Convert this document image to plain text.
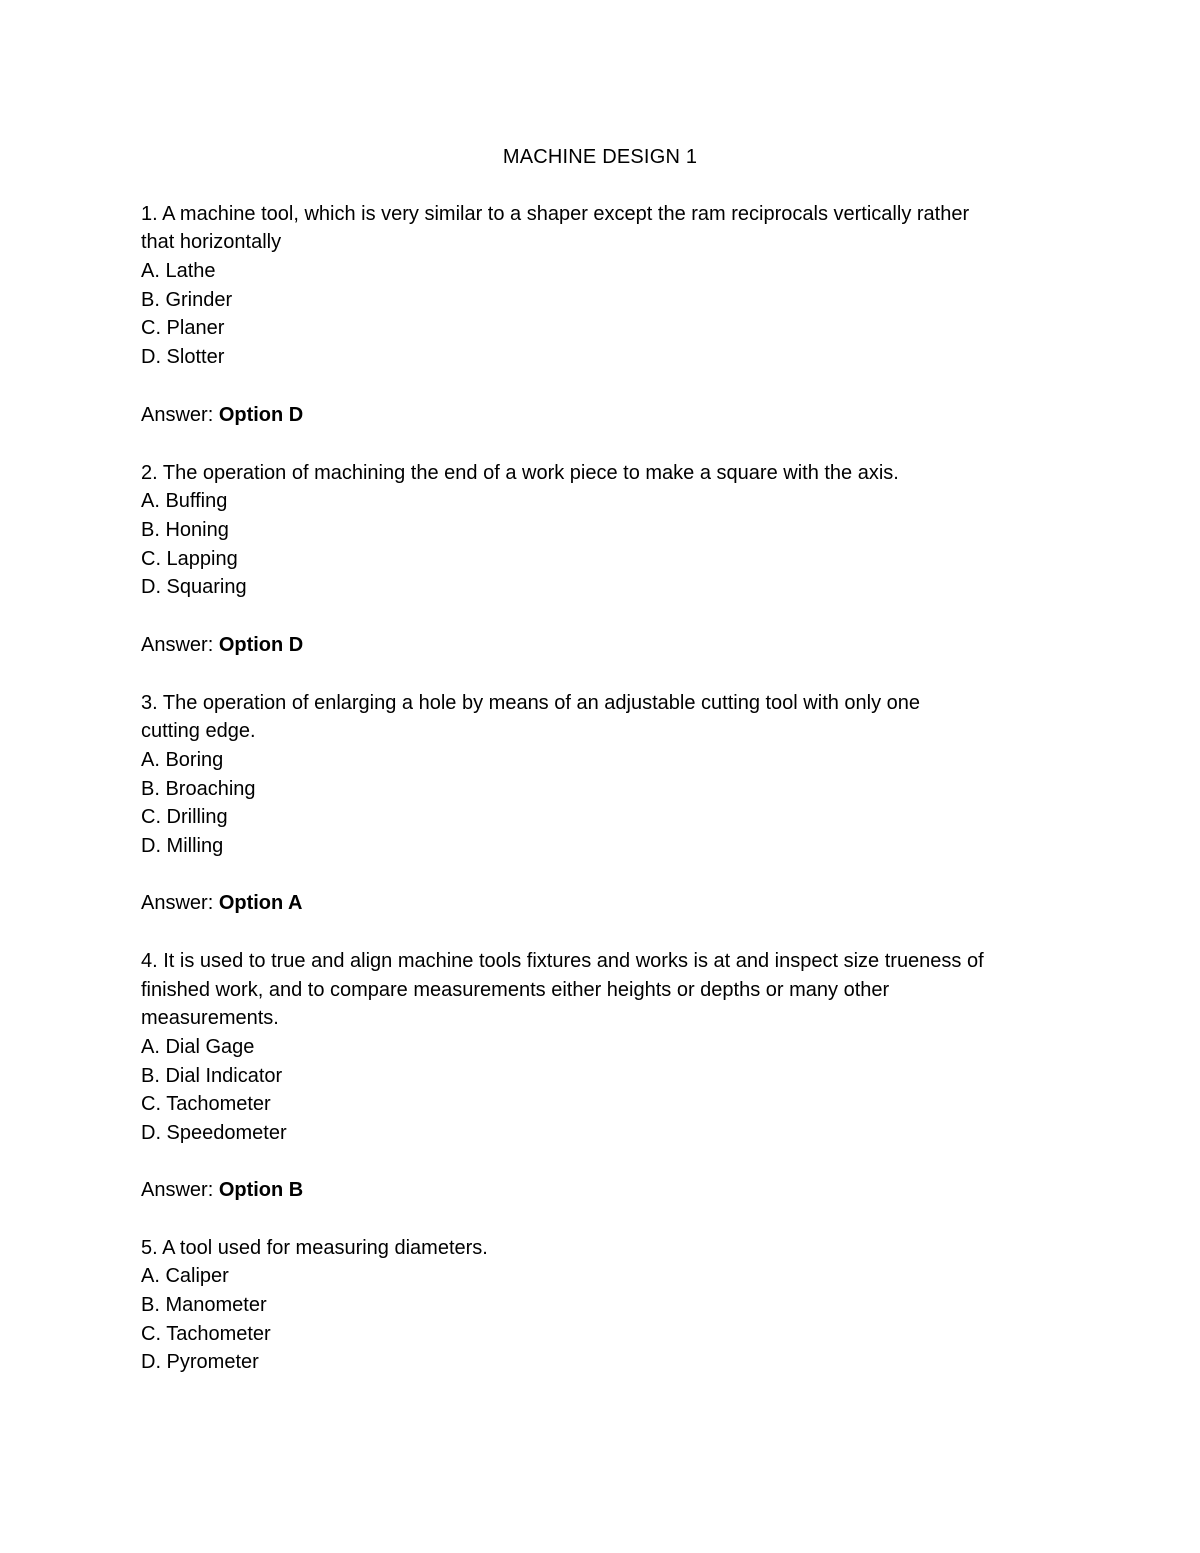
MACHINE DESIGN 1
1. A machine tool, which is very similar to a shaper except the ram reciprocals vertically rather
that horizontally
A. Lathe
B. Grinder
C. Planer
D. Slotter
Answer: Option D
2. The operation of machining the end of a work piece to make a square with the axis.
A. Buffing
B. Honing
C. Lapping
D. Squaring
Answer: Option D
3. The operation of enlarging a hole by means of an adjustable cutting tool with only one
cutting edge.
A. Boring
B. Broaching
C. Drilling
D. Milling
Answer: Option A
4. It is used to true and align machine tools fixtures and works is at and inspect size trueness of
finished work, and to compare measurements either heights or depths or many other
measurements.
A. Dial Gage
B. Dial Indicator
C. Tachometer
D. Speedometer
Answer: Option B
5. A tool used for measuring diameters.
A. Caliper
B. Manometer
C. Tachometer
D. Pyrometer
